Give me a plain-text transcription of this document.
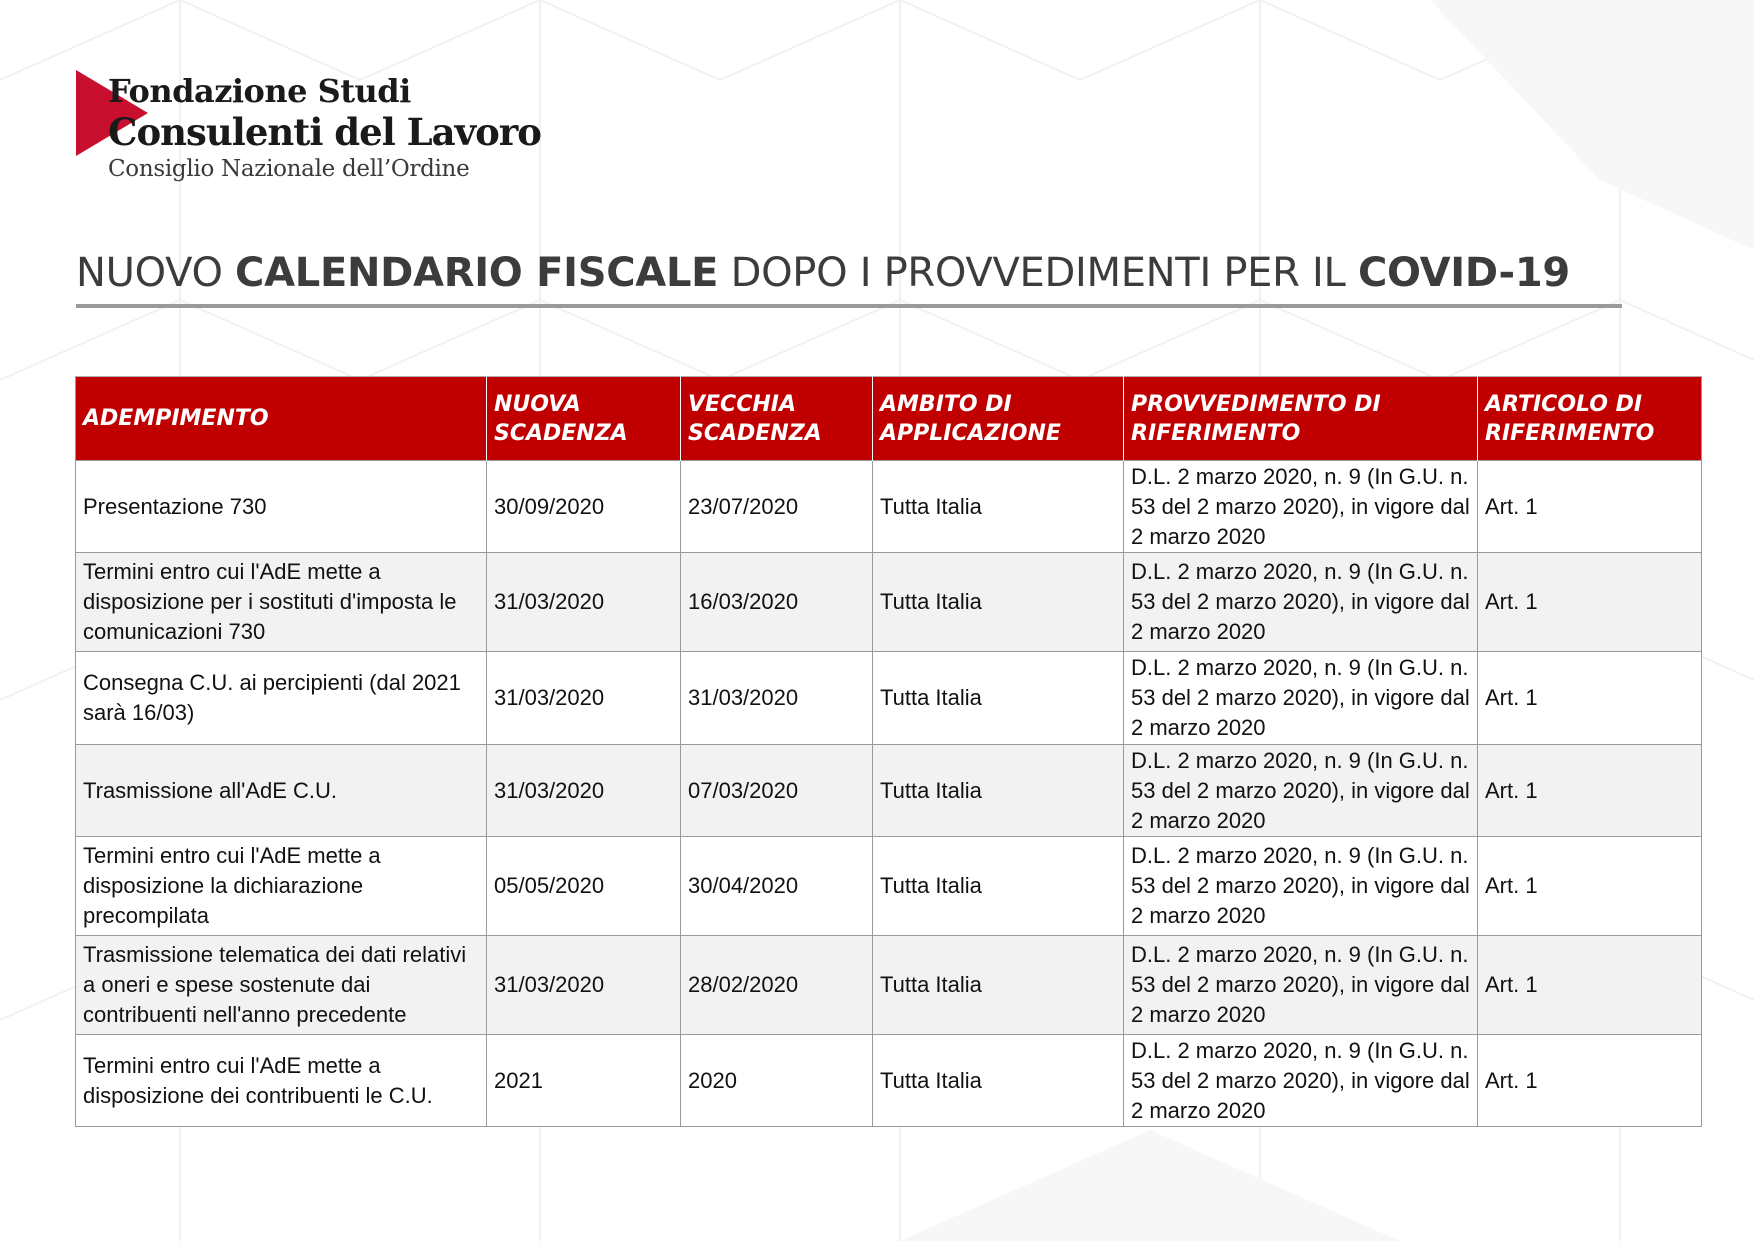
Fondazione Studi
Consulenti del Lavoro
Consiglio Nazionale dell’Ordine
NUOVO CALENDARIO FISCALE DOPO I PROVVEDIMENTI PER IL COVID-19
ADEMPIMENTO	NUOVA SCADENZA	VECCHIA SCADENZA	AMBITO DI APPLICAZIONE	PROVVEDIMENTO DI RIFERIMENTO	ARTICOLO DI RIFERIMENTO
Presentazione 730	30/09/2020	23/07/2020	Tutta Italia	D.L. 2 marzo 2020, n. 9 (In G.U. n. 53 del 2 marzo 2020), in vigore dal 2 marzo 2020	Art. 1
Termini entro cui l'AdE mette a disposizione per i sostituti d'imposta le comunicazioni 730	31/03/2020	16/03/2020	Tutta Italia	D.L. 2 marzo 2020, n. 9 (In G.U. n. 53 del 2 marzo 2020), in vigore dal 2 marzo 2020	Art. 1
Consegna C.U. ai percipienti (dal 2021 sarà 16/03)	31/03/2020	31/03/2020	Tutta Italia	D.L. 2 marzo 2020, n. 9 (In G.U. n. 53 del 2 marzo 2020), in vigore dal 2 marzo 2020	Art. 1
Trasmissione all'AdE C.U.	31/03/2020	07/03/2020	Tutta Italia	D.L. 2 marzo 2020, n. 9 (In G.U. n. 53 del 2 marzo 2020), in vigore dal 2 marzo 2020	Art. 1
Termini entro cui l'AdE mette a disposizione la dichiarazione precompilata	05/05/2020	30/04/2020	Tutta Italia	D.L. 2 marzo 2020, n. 9 (In G.U. n. 53 del 2 marzo 2020), in vigore dal 2 marzo 2020	Art. 1
Trasmissione telematica dei dati relativi a oneri e spese sostenute dai contribuenti nell'anno precedente	31/03/2020	28/02/2020	Tutta Italia	D.L. 2 marzo 2020, n. 9 (In G.U. n. 53 del 2 marzo 2020), in vigore dal 2 marzo 2020	Art. 1
Termini entro cui l'AdE mette a disposizione dei contribuenti le C.U.	2021	2020	Tutta Italia	D.L. 2 marzo 2020, n. 9 (In G.U. n. 53 del 2 marzo 2020), in vigore dal 2 marzo 2020	Art. 1
